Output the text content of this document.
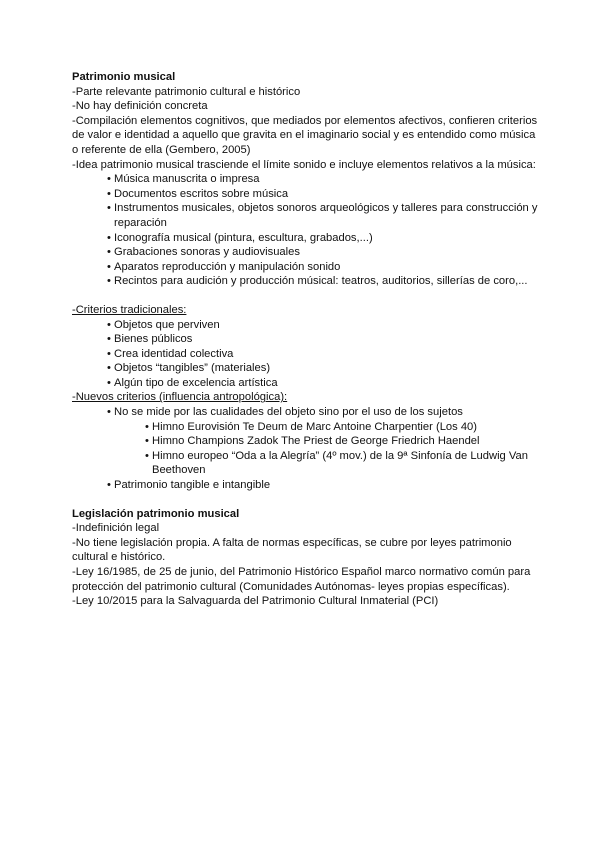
Patrimonio musical

-Parte relevante patrimonio cultural e histórico

-No hay definición concreta

-Compilación elementos cognitivos, que mediados por elementos afectivos, confieren criterios de valor e identidad a aquello que gravita en el imaginario social y es entendido como música o referente de ella (Gembero, 2005)

-Idea patrimonio musical trasciende el límite sonido e incluye elementos relativos a la música:

• Música manuscrita o impresa
• Documentos escritos sobre música
• Instrumentos musicales, objetos sonoros arqueológicos y talleres para construcción y reparación
• Iconografía musical (pintura, escultura, grabados,...)
• Grabaciones sonoras y audiovisuales
• Aparatos reproducción y manipulación sonido
• Recintos para audición y producción músical: teatros, auditorios, sillerías de coro,...

-Criterios tradicionales:

• Objetos que perviven
• Bienes públicos
• Crea identidad colectiva
• Objetos “tangibles” (materiales)
• Algún tipo de excelencia artística

-Nuevos criterios (influencia antropológica):

• No se mide por las cualidades del objeto sino por el uso de los sujetos
• Himno Eurovisión Te Deum de Marc Antoine Charpentier (Los 40)
• Himno Champions Zadok The Priest de George Friedrich Haendel
• Himno europeo “Oda a la Alegría” (4º mov.) de la 9ª Sinfonía de Ludwig Van Beethoven
• Patrimonio tangible e intangible

Legislación patrimonio musical

-Indefinición legal

-No tiene legislación propia. A falta de normas específicas, se cubre por leyes patrimonio cultural e histórico.

-Ley 16/1985, de 25 de junio, del Patrimonio Histórico Español marco normativo común para protección del patrimonio cultural (Comunidades Autónomas- leyes propias específicas).

-Ley 10/2015 para la Salvaguarda del Patrimonio Cultural Inmaterial (PCI)
